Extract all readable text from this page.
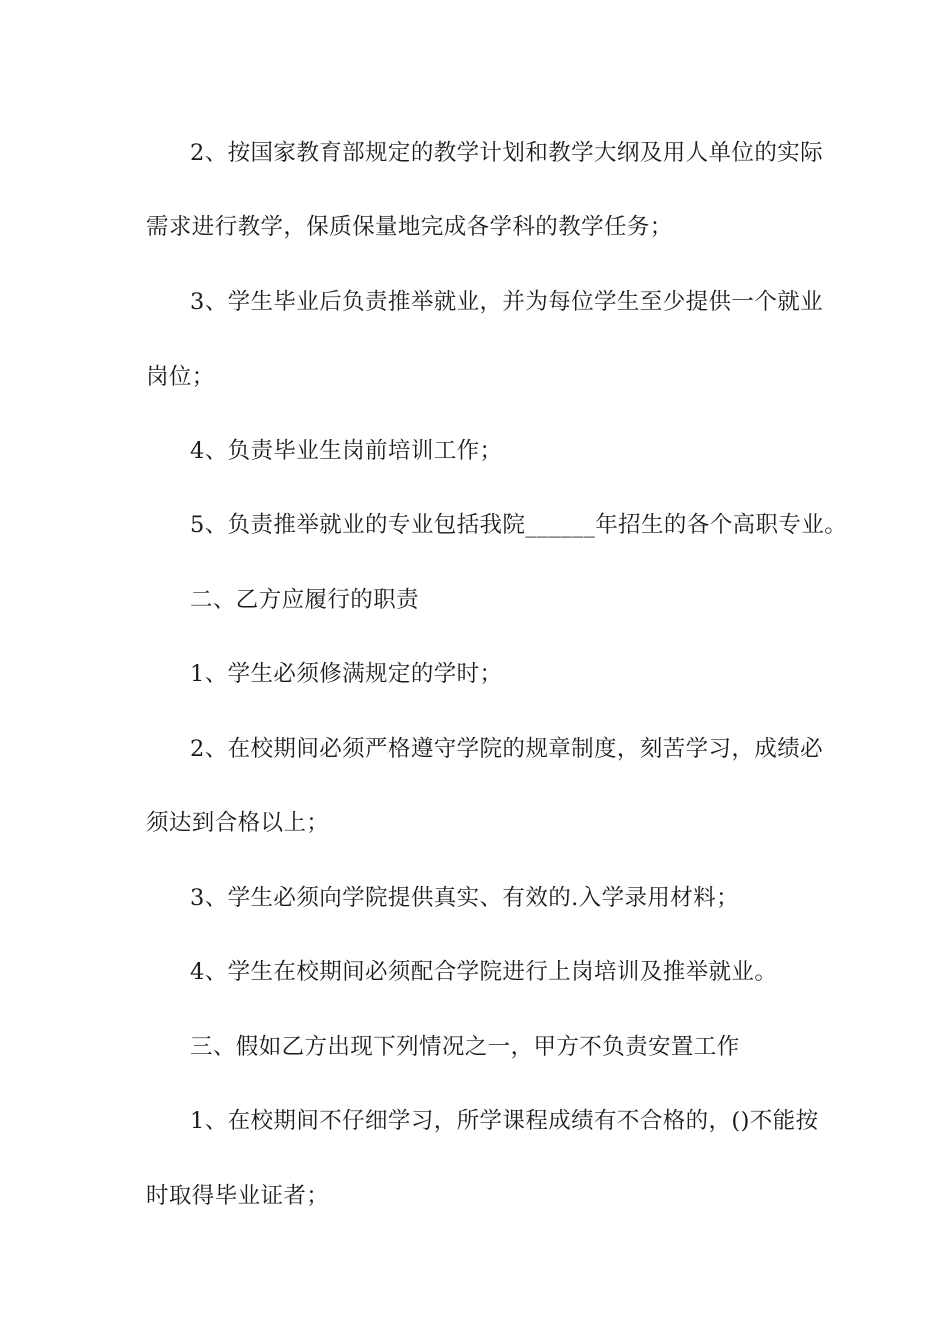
2、按国家教育部规定的教学计划和教学大纲及用人单位的实际
需求进行教学，保质保量地完成各学科的教学任务；
3、学生毕业后负责推举就业，并为每位学生至少提供一个就业
岗位；
4、负责毕业生岗前培训工作；
5、负责推举就业的专业包括我院______年招生的各个高职专业。
二、乙方应履行的职责
1、学生必须修满规定的学时；
2、在校期间必须严格遵守学院的规章制度，刻苦学习，成绩必
须达到合格以上；
3、学生必须向学院提供真实、有效的.入学录用材料；
4、学生在校期间必须配合学院进行上岗培训及推举就业。
三、假如乙方出现下列情况之一，甲方不负责安置工作
1、在校期间不仔细学习，所学课程成绩有不合格的，()不能按
时取得毕业证者；
